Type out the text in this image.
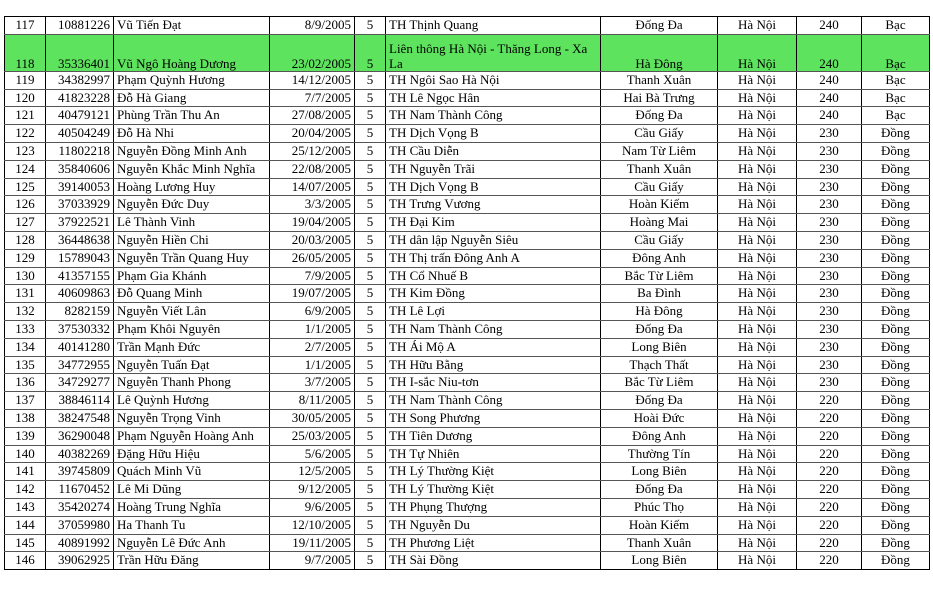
117	10881226	Vũ Tiến Đạt	8/9/2005	5	TH Thịnh Quang	Đống Đa	Hà Nội	240	Bạc
118	35336401	Vũ Ngô Hoàng Dương	23/02/2005	5	Liên thông Hà Nội - Thăng Long - Xa La	Hà Đông	Hà Nội	240	Bạc
119	34382997	Phạm Quỳnh Hương	14/12/2005	5	TH Ngôi Sao Hà Nội	Thanh Xuân	Hà Nội	240	Bạc
120	41823228	Đỗ Hà Giang	7/7/2005	5	TH Lê Ngọc Hân	Hai Bà Trưng	Hà Nội	240	Bạc
121	40479121	Phùng Trần Thu An	27/08/2005	5	TH Nam Thành Công	Đống Đa	Hà Nội	240	Bạc
122	40504249	Đỗ Hà Nhi	20/04/2005	5	TH Dịch Vọng B	Cầu Giấy	Hà Nội	230	Đồng
123	11802218	Nguyễn Đồng Minh Anh	25/12/2005	5	TH Cầu Diễn	Nam Từ Liêm	Hà Nội	230	Đồng
124	35840606	Nguyễn Khắc Minh Nghĩa	22/08/2005	5	TH Nguyễn Trãi	Thanh Xuân	Hà Nội	230	Đồng
125	39140053	Hoàng Lương Huy	14/07/2005	5	TH Dịch Vọng B	Cầu Giấy	Hà Nội	230	Đồng
126	37033929	Nguyễn Đức Duy	3/3/2005	5	TH Trưng Vương	Hoàn Kiếm	Hà Nội	230	Đồng
127	37922521	Lê Thành Vinh	19/04/2005	5	TH Đại Kim	Hoàng Mai	Hà Nội	230	Đồng
128	36448638	Nguyễn Hiền Chi	20/03/2005	5	TH dân lập Nguyễn Siêu	Cầu Giấy	Hà Nội	230	Đồng
129	15789043	Nguyễn Trần Quang Huy	26/05/2005	5	TH Thị trấn Đông Anh A	Đông Anh	Hà Nội	230	Đồng
130	41357155	Phạm Gia Khánh	7/9/2005	5	TH Cổ Nhuế B	Bắc Từ Liêm	Hà Nội	230	Đồng
131	40609863	Đỗ Quang Minh	19/07/2005	5	TH Kim Đồng	Ba Đình	Hà Nội	230	Đồng
132	8282159	Nguyễn Viết Lân	6/9/2005	5	TH Lê Lợi	Hà Đông	Hà Nội	230	Đồng
133	37530332	Phạm Khôi Nguyên	1/1/2005	5	TH Nam Thành Công	Đống Đa	Hà Nội	230	Đồng
134	40141280	Trần Mạnh Đức	2/7/2005	5	TH Ái Mộ A	Long Biên	Hà Nội	230	Đồng
135	34772955	Nguyễn Tuấn Đạt	1/1/2005	5	TH Hữu Bằng	Thạch Thất	Hà Nội	230	Đồng
136	34729277	Nguyễn Thanh Phong	3/7/2005	5	TH I-sắc Niu-tơn	Bắc Từ Liêm	Hà Nội	230	Đồng
137	38846114	Lê Quỳnh Hương	8/11/2005	5	TH Nam Thành Công	Đống Đa	Hà Nội	220	Đồng
138	38247548	Nguyễn Trọng Vinh	30/05/2005	5	TH Song Phương	Hoài Đức	Hà Nội	220	Đồng
139	36290048	Phạm Nguyễn Hoàng Anh	25/03/2005	5	TH Tiên Dương	Đông Anh	Hà Nội	220	Đồng
140	40382269	Đặng Hữu Hiệu	5/6/2005	5	TH Tự Nhiên	Thường Tín	Hà Nội	220	Đồng
141	39745809	Quách Minh Vũ	12/5/2005	5	TH Lý Thường Kiệt	Long Biên	Hà Nội	220	Đồng
142	11670452	Lê Mi Dũng	9/12/2005	5	TH Lý Thường Kiệt	Đống Đa	Hà Nội	220	Đồng
143	35420274	Hoàng Trung Nghĩa	9/6/2005	5	TH Phụng Thượng	Phúc Thọ	Hà Nội	220	Đồng
144	37059980	Ha Thanh Tu	12/10/2005	5	TH Nguyễn Du	Hoàn Kiếm	Hà Nội	220	Đồng
145	40891992	Nguyễn Lê Đức Anh	19/11/2005	5	TH Phương Liệt	Thanh Xuân	Hà Nội	220	Đồng
146	39062925	Trần Hữu Đăng	9/7/2005	5	TH Sài Đồng	Long Biên	Hà Nội	220	Đồng
